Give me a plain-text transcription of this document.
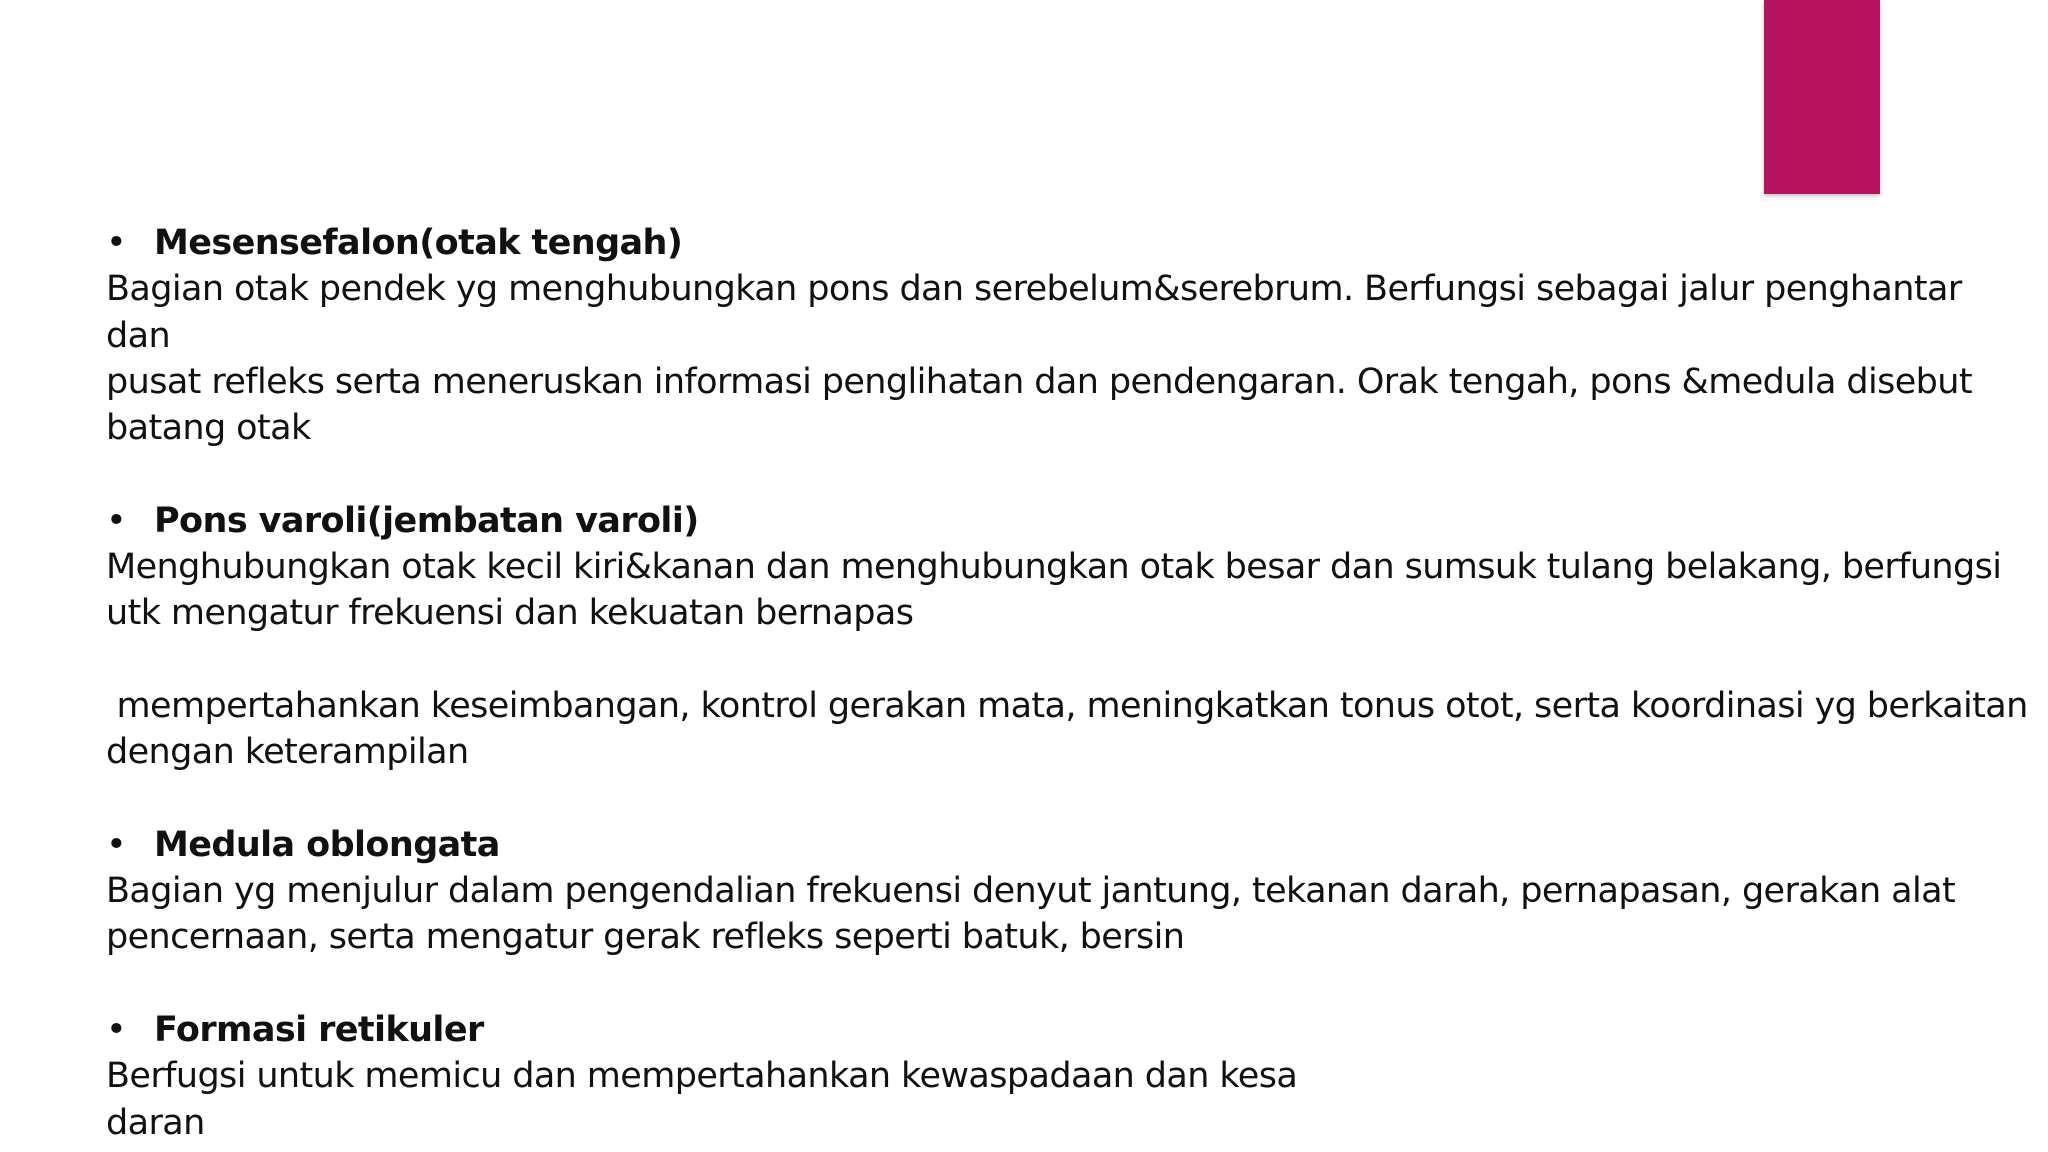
• Mesensefalon(otak tengah)

Bagian otak pendek yg menghubungkan pons dan serebelum&serebrum. Berfungsi sebagai jalur penghantar dan

pusat refleks serta meneruskan informasi penglihatan dan pendengaran. Orak tengah, pons &medula disebut

batang otak

• Pons varoli(jembatan varoli)

Menghubungkan otak kecil kiri&kanan dan menghubungkan otak besar dan sumsuk tulang belakang, berfungsi

utk mengatur frekuensi dan kekuatan bernapas

mempertahankan keseimbangan, kontrol gerakan mata, meningkatkan tonus otot, serta koordinasi yg berkaitan

dengan keterampilan

• Medula oblongata

Bagian yg menjulur dalam pengendalian frekuensi denyut jantung, tekanan darah, pernapasan, gerakan alat

pencernaan, serta mengatur gerak refleks seperti batuk, bersin

• Formasi retikuler

Berfugsi untuk memicu dan mempertahankan kewaspadaan dan kesa

daran
